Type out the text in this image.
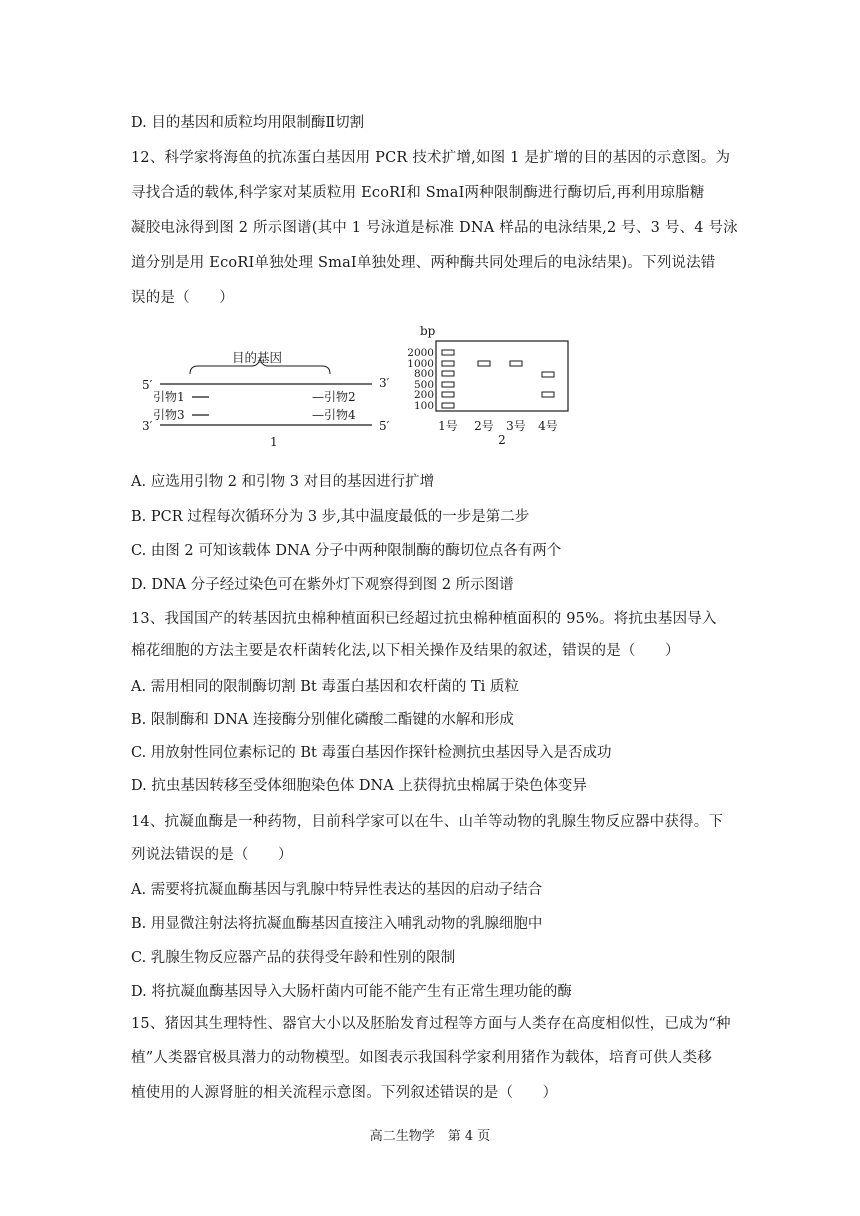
D. 目的基因和质粒均用限制酶Ⅱ切割
12、科学家将海鱼的抗冻蛋白基因用 PCR 技术扩增,如图 1 是扩增的目的基因的示意图。为
寻找合适的载体,科学家对某质粒用 EcoRⅠ和 SmaⅠ两种限制酶进行酶切后,再利用琼脂糖
凝胶电泳得到图 2 所示图谱(其中 1 号泳道是标准 DNA 样品的电泳结果,2 号、3 号、4 号泳
道分别是用 EcoRⅠ单独处理 SmaⅠ单独处理、两种酶共同处理后的电泳结果)。下列说法错
误的是（　　）
目的基因
5′	3′
引物1	—引物2
引物3	—引物4
3′	5′
1
bp
2000
1000
800
500
200
100
1号 2号 3号 4号
2
A. 应选用引物 2 和引物 3 对目的基因进行扩增
B. PCR 过程每次循环分为 3 步,其中温度最低的一步是第二步
C. 由图 2 可知该载体 DNA 分子中两种限制酶的酶切位点各有两个
D. DNA 分子经过染色可在紫外灯下观察得到图 2 所示图谱
13、我国国产的转基因抗虫棉种植面积已经超过抗虫棉种植面积的 95%。将抗虫基因导入
棉花细胞的方法主要是农杆菌转化法,以下相关操作及结果的叙述，错误的是（　　）
A. 需用相同的限制酶切割 Bt 毒蛋白基因和农杆菌的 Ti 质粒
B. 限制酶和 DNA 连接酶分别催化磷酸二酯键的水解和形成
C. 用放射性同位素标记的 Bt 毒蛋白基因作探针检测抗虫基因导入是否成功
D. 抗虫基因转移至受体细胞染色体 DNA 上获得抗虫棉属于染色体变异
14、抗凝血酶是一种药物，目前科学家可以在牛、山羊等动物的乳腺生物反应器中获得。下
列说法错误的是（　　）
A. 需要将抗凝血酶基因与乳腺中特异性表达的基因的启动子结合
B. 用显微注射法将抗凝血酶基因直接注入哺乳动物的乳腺细胞中
C. 乳腺生物反应器产品的获得受年龄和性别的限制
D. 将抗凝血酶基因导入大肠杆菌内可能不能产生有正常生理功能的酶
15、猪因其生理特性、器官大小以及胚胎发育过程等方面与人类存在高度相似性，已成为“种
植”人类器官极具潜力的动物模型。如图表示我国科学家利用猪作为载体，培育可供人类移
植使用的人源肾脏的相关流程示意图。下列叙述错误的是（　　）
高二生物学　第 4 页
